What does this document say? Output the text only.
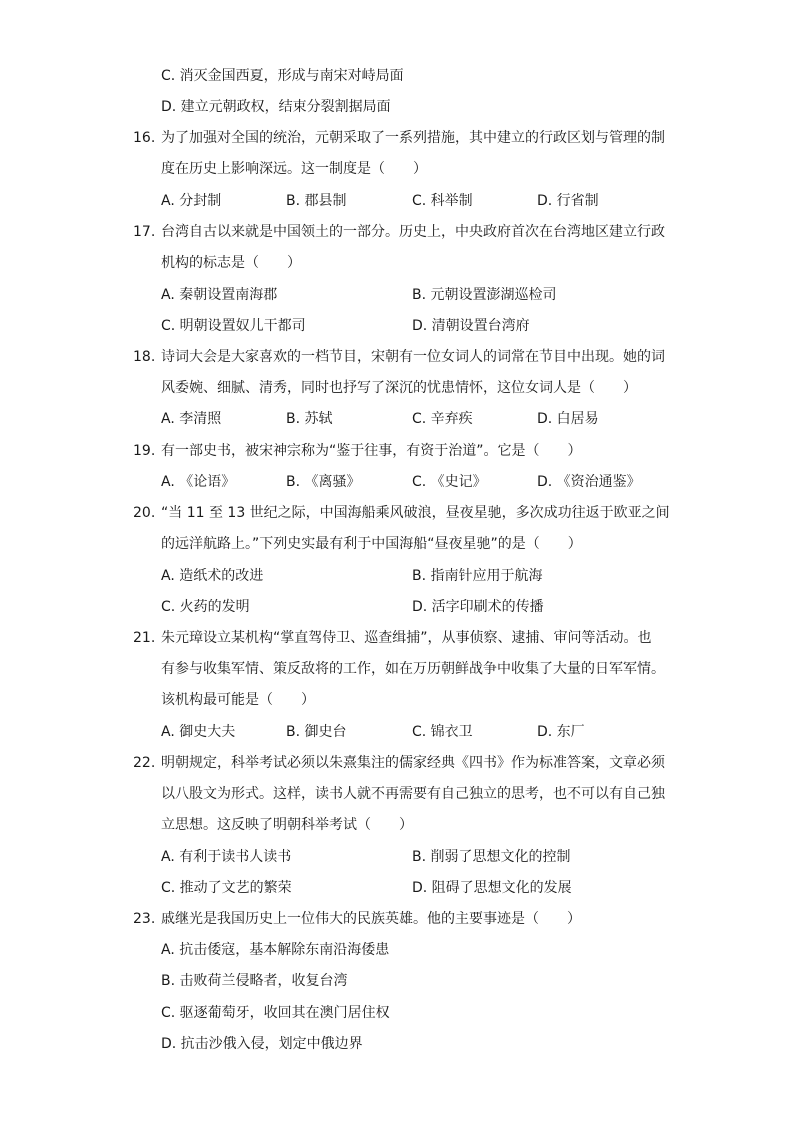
C. 消灭金国西夏，形成与南宋对峙局面
D. 建立元朝政权，结束分裂割据局面
16. 为了加强对全国的统治，元朝采取了一系列措施，其中建立的行政区划与管理的制
度在历史上影响深远。这一制度是（　　）
A. 分封制	B. 郡县制	C. 科举制	D. 行省制
17. 台湾自古以来就是中国领土的一部分。历史上，中央政府首次在台湾地区建立行政
机构的标志是（　　）
A. 秦朝设置南海郡	B. 元朝设置澎湖巡检司
C. 明朝设置奴儿干都司	D. 清朝设置台湾府
18. 诗词大会是大家喜欢的一档节目，宋朝有一位女词人的词常在节目中出现。她的词
风委婉、细腻、清秀，同时也抒写了深沉的忧患情怀，这位女词人是（　　）
A. 李清照	B. 苏轼	C. 辛弃疾	D. 白居易
19. 有一部史书，被宋神宗称为“鉴于往事，有资于治道”。它是（　　）
A. 《论语》	B. 《离骚》	C. 《史记》	D. 《资治通鉴》
20. “当 11 至 13 世纪之际，中国海船乘风破浪，昼夜星驰，多次成功往返于欧亚之间
的远洋航路上。”下列史实最有利于中国海船“昼夜星驰”的是（　　）
A. 造纸术的改进	B. 指南针应用于航海
C. 火药的发明	D. 活字印刷术的传播
21. 朱元璋设立某机构“掌直驾侍卫、巡查缉捕”，从事侦察、逮捕、审问等活动。也
有参与收集军情、策反敌将的工作，如在万历朝鲜战争中收集了大量的日军军情。
该机构最可能是（　　）
A. 御史大夫	B. 御史台	C. 锦衣卫	D. 东厂
22. 明朝规定，科举考试必须以朱熹集注的儒家经典《四书》作为标准答案，文章必须
以八股文为形式。这样，读书人就不再需要有自己独立的思考，也不可以有自己独
立思想。这反映了明朝科举考试（　　）
A. 有利于读书人读书	B. 削弱了思想文化的控制
C. 推动了文艺的繁荣	D. 阻碍了思想文化的发展
23. 戚继光是我国历史上一位伟大的民族英雄。他的主要事迹是（　　）
A. 抗击倭寇，基本解除东南沿海倭患
B. 击败荷兰侵略者，收复台湾
C. 驱逐葡萄牙，收回其在澳门居住权
D. 抗击沙俄入侵，划定中俄边界
